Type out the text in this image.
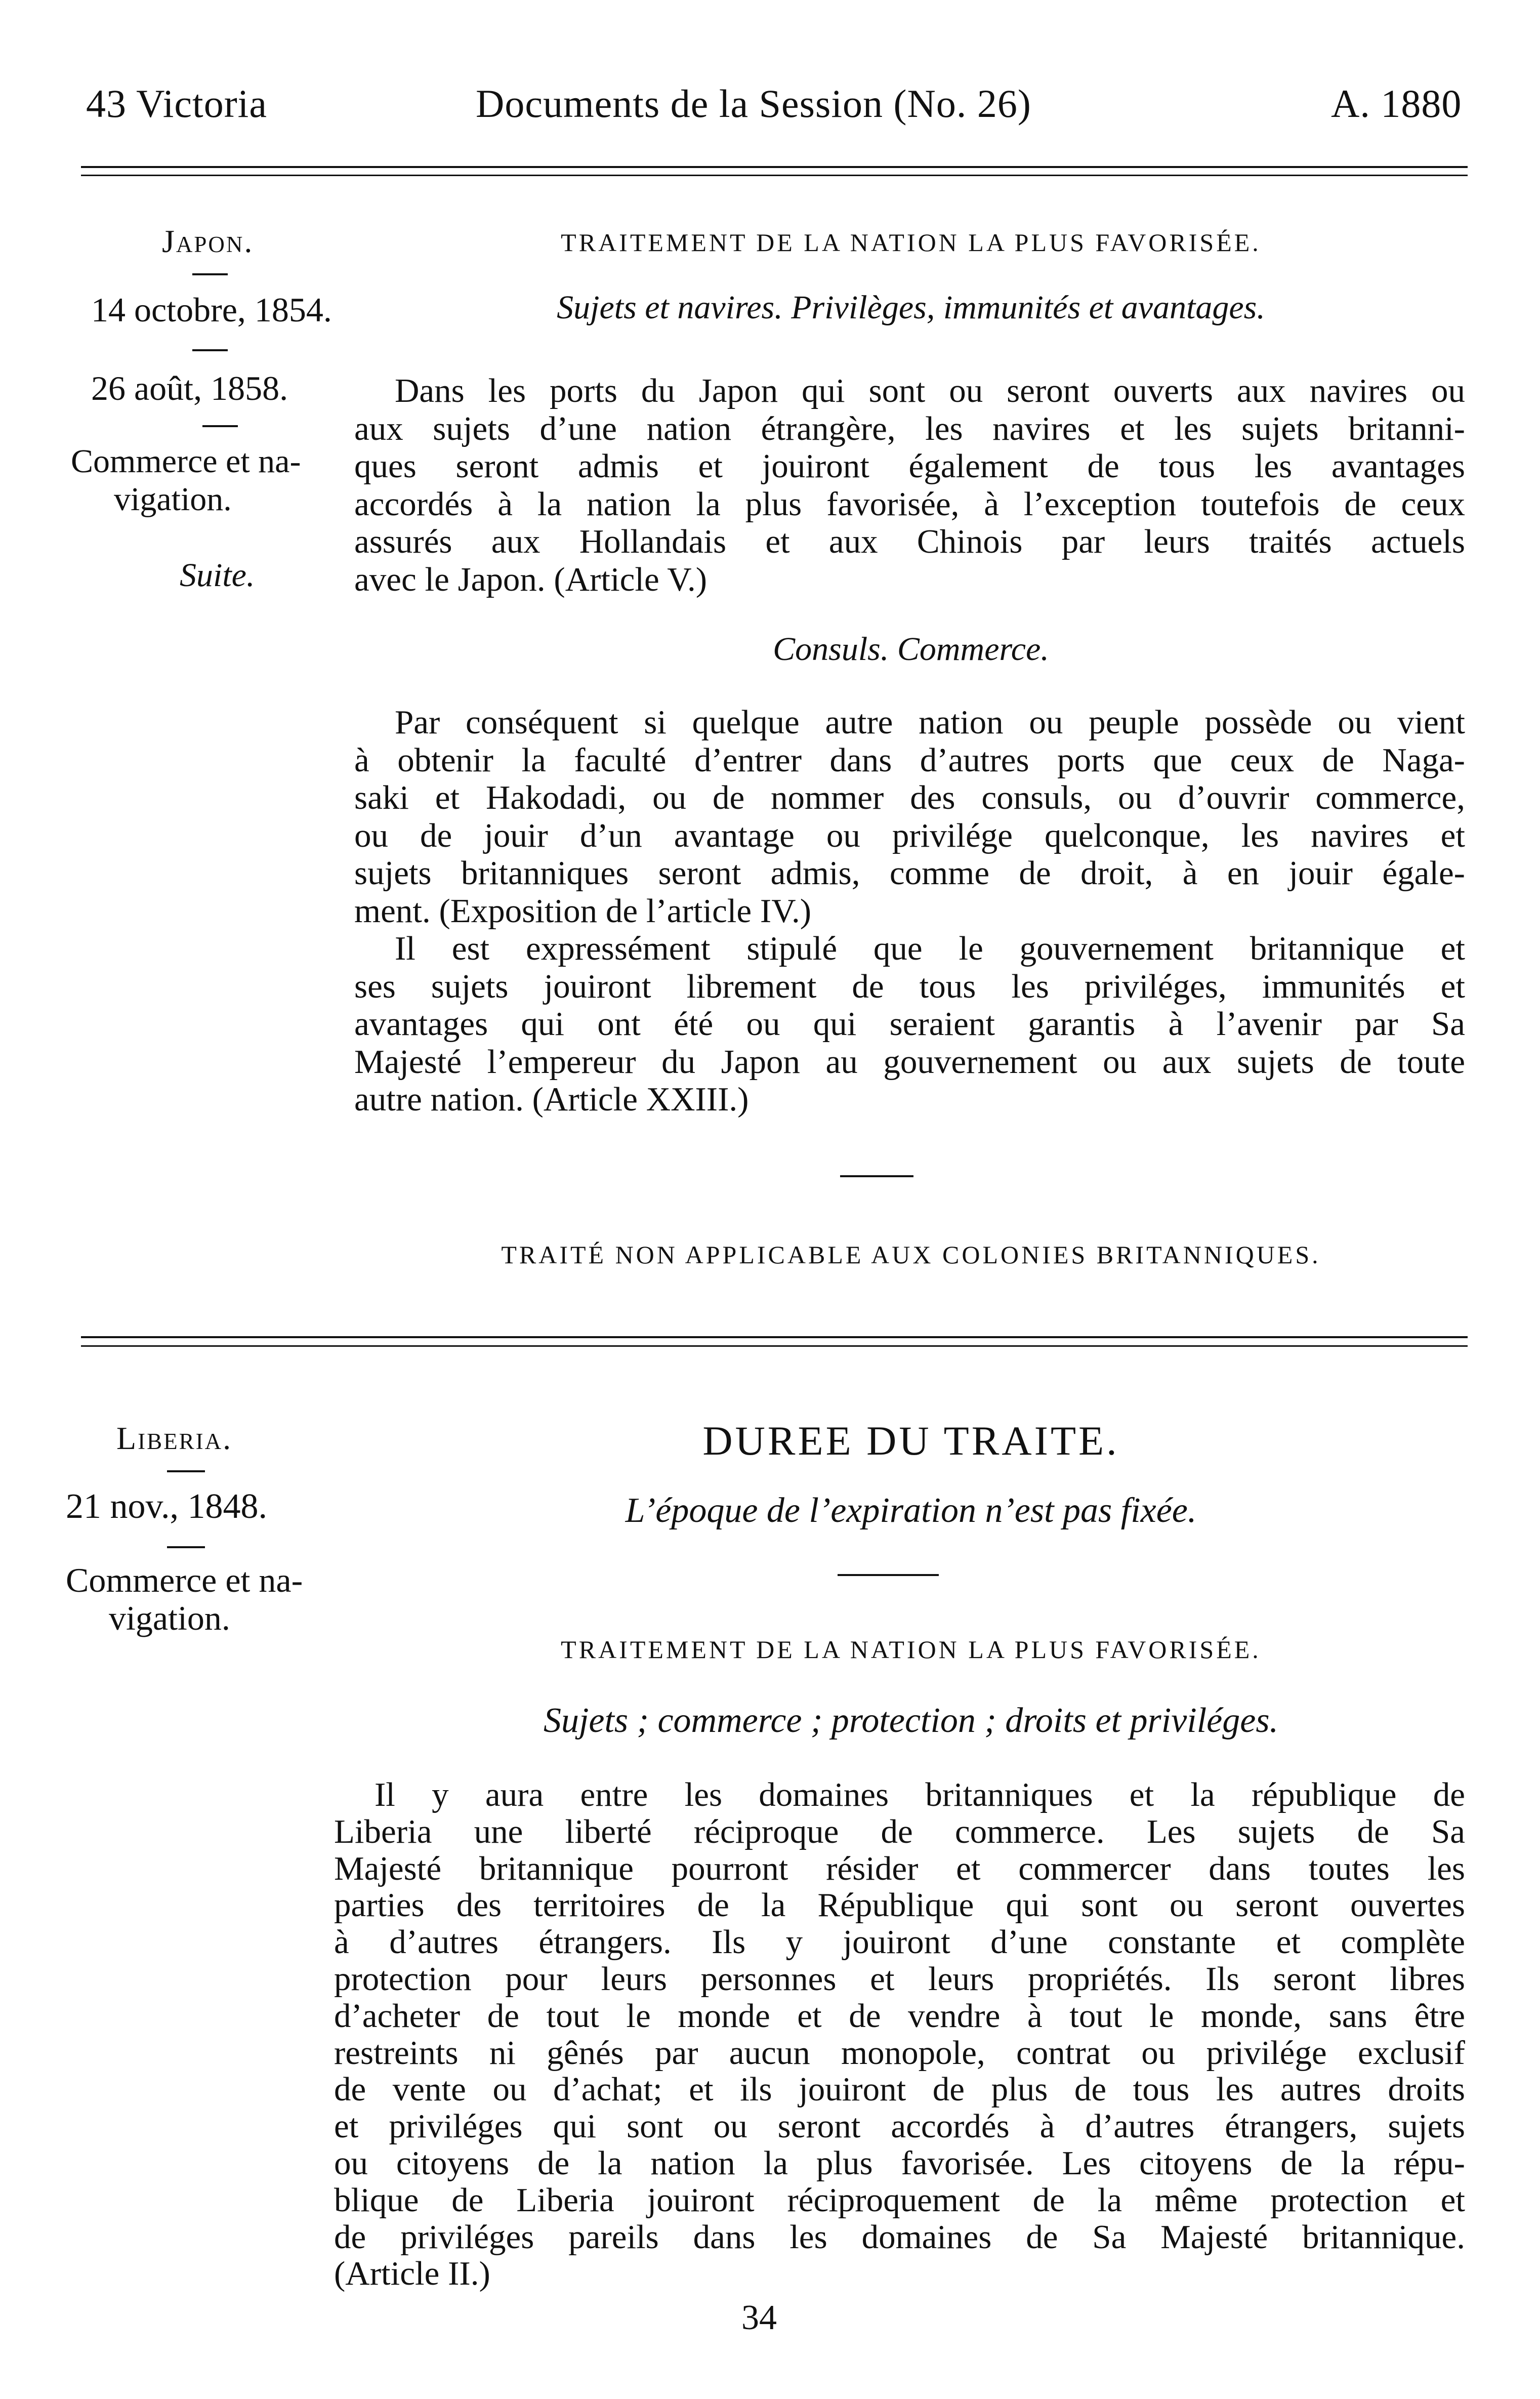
43 Victoria	Documents de la Session (No. 26)	A. 1880
Japon.
14 octobre, 1854.
26 août, 1858.
Commerce et na-
vigation.
Suite.
TRAITEMENT DE LA NATION LA PLUS FAVORISÉE.
Sujets et navires. Privilèges, immunités et avantages.
Dans les ports du Japon qui sont ou seront ouverts aux navires ou
aux sujets d’une nation étrangère, les navires et les sujets britanni-
ques seront admis et jouiront également de tous les avantages
accordés à la nation la plus favorisée, à l’exception toutefois de ceux
assurés aux Hollandais et aux Chinois par leurs traités actuels
avec le Japon. (Article V.)
Consuls. Commerce.
Par conséquent si quelque autre nation ou peuple possède ou vient
à obtenir la faculté d’entrer dans d’autres ports que ceux de Naga-
saki et Hakodadi, ou de nommer des consuls, ou d’ouvrir commerce,
ou de jouir d’un avantage ou privilége quelconque, les navires et
sujets britanniques seront admis, comme de droit, à en jouir égale-
ment. (Exposition de l’article IV.)
Il est expressément stipulé que le gouvernement britannique et
ses sujets jouiront librement de tous les priviléges, immunités et
avantages qui ont été ou qui seraient garantis à l’avenir par Sa
Majesté l’empereur du Japon au gouvernement ou aux sujets de toute
autre nation. (Article XXIII.)
TRAITÉ NON APPLICABLE AUX COLONIES BRITANNIQUES.
Liberia.
21 nov., 1848.
Commerce et na-
vigation.
DUREE DU TRAITE.
L’époque de l’expiration n’est pas fixée.
TRAITEMENT DE LA NATION LA PLUS FAVORISÉE.
Sujets ; commerce ; protection ; droits et priviléges.
Il y aura entre les domaines britanniques et la république de
Liberia une liberté réciproque de commerce. Les sujets de Sa
Majesté britannique pourront résider et commercer dans toutes les
parties des territoires de la République qui sont ou seront ouvertes
à d’autres étrangers. Ils y jouiront d’une constante et complète
protection pour leurs personnes et leurs propriétés. Ils seront libres
d’acheter de tout le monde et de vendre à tout le monde, sans être
restreints ni gênés par aucun monopole, contrat ou privilége exclusif
de vente ou d’achat; et ils jouiront de plus de tous les autres droits
et priviléges qui sont ou seront accordés à d’autres étrangers, sujets
ou citoyens de la nation la plus favorisée. Les citoyens de la répu-
blique de Liberia jouiront réciproquement de la même protection et
de priviléges pareils dans les domaines de Sa Majesté britannique.
(Article II.)
34
